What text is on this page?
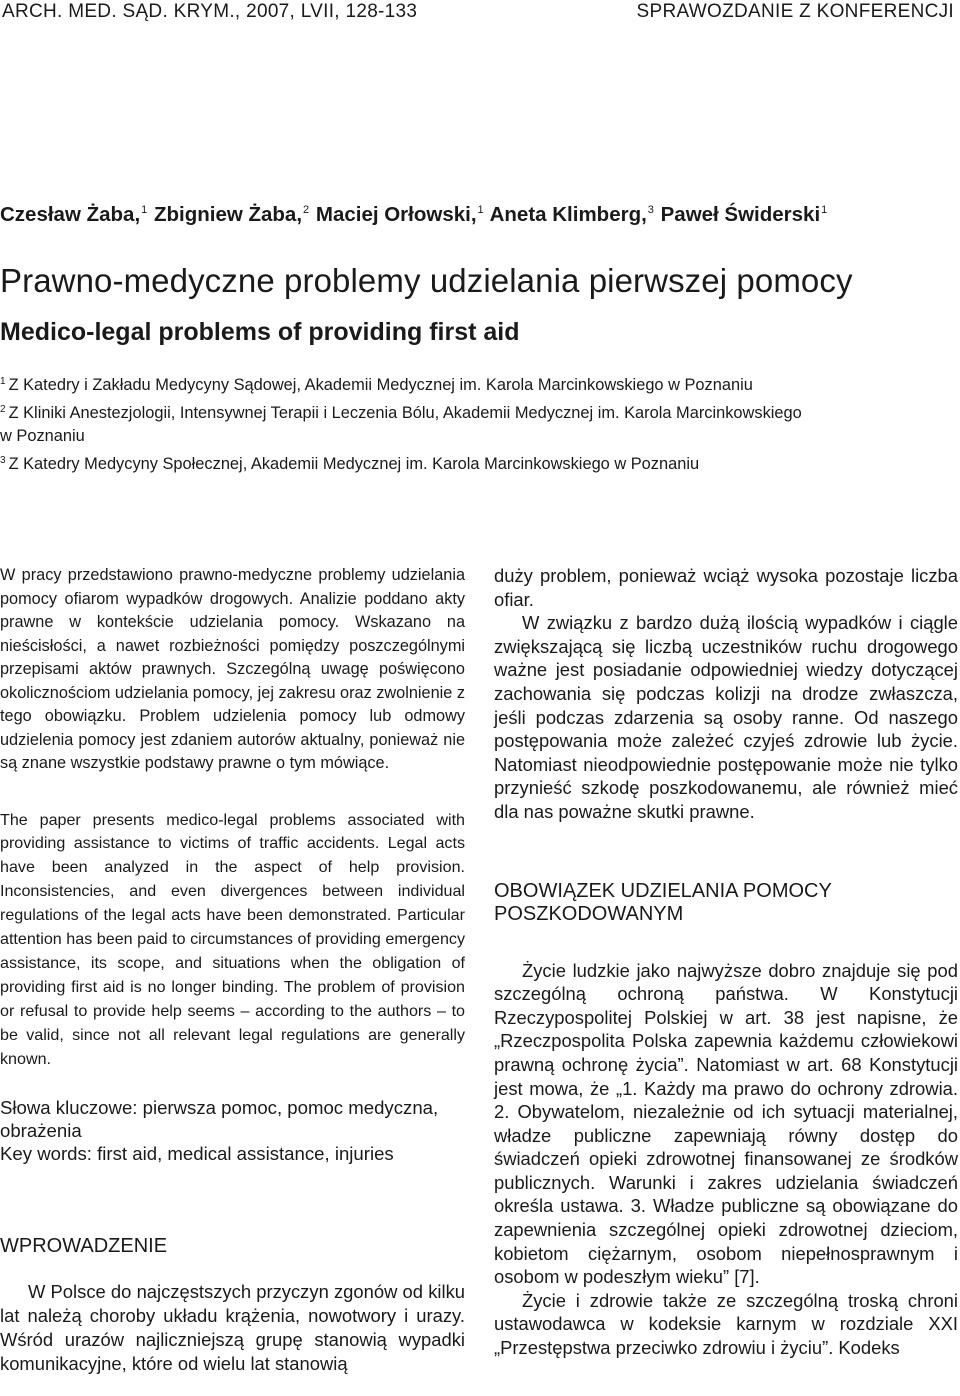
ARCH. MED. SĄD. KRYM., 2007, LVII, 128-133	SPRAWOZDANIE Z KONFERENCJI
Czesław Żaba,$^1$ Zbigniew Żaba,$^2$ Maciej Orłowski,$^1$ Aneta Klimberg,$^3$ Paweł Świderski$^1$
Prawno-medyczne problemy udzielania pierwszej pomocy
Medico-legal problems of providing first aid
$^1$ Z Katedry i Zakładu Medycyny Sądowej, Akademii Medycznej im. Karola Marcinkowskiego w Poznaniu
$^2$ Z Kliniki Anestezjologii, Intensywnej Terapii i Leczenia Bólu, Akademii Medycznej im. Karola Marcinkowskiego
w Poznaniu
$^3$ Z Katedry Medycyny Społecznej, Akademii Medycznej im. Karola Marcinkowskiego w Poznaniu

W pracy przedstawiono prawno-medyczne problemy udzielania pomocy ofiarom wypadków drogowych. Analizie poddano akty prawne w kontekście udzielania pomocy. Wskazano na nieścisłości, a nawet rozbieżności pomiędzy poszczególnymi przepisami aktów prawnych. Szczególną uwagę poświęcono okolicznościom udzielania pomocy, jej zakresu oraz zwolnienie z tego obowiązku. Problem udzielenia pomocy lub odmowy udzielenia pomocy jest zdaniem autorów aktualny, ponieważ nie są znane wszystkie podstawy prawne o tym mówiące.

The paper presents medico-legal problems associated with providing assistance to victims of traffic accidents. Legal acts have been analyzed in the aspect of help provision. Inconsistencies, and even divergences between individual regulations of the legal acts have been demonstrated. Particular attention has been paid to circumstances of providing emergency assistance, its scope, and situations when the obligation of providing first aid is no longer binding. The problem of provision or refusal to provide help seems – according to the authors – to be valid, since not all relevant legal regulations are generally known.

Słowa kluczowe: pierwsza pomoc, pomoc medyczna, obrażenia

Key words: first aid, medical assistance, injuries

WPROWADZENIE

W Polsce do najczęstszych przyczyn zgonów od kilku lat należą choroby układu krążenia, nowotwory i urazy. Wśród urazów najliczniejszą grupę stanowią wypadki komunikacyjne, które od wielu lat stanowią

duży problem, ponieważ wciąż wysoka pozostaje liczba ofiar.

W związku z bardzo dużą ilością wypadków i ciągle zwiększającą się liczbą uczestników ruchu drogowego ważne jest posiadanie odpowiedniej wiedzy dotyczącej zachowania się podczas kolizji na drodze zwłaszcza, jeśli podczas zdarzenia są osoby ranne. Od naszego postępowania może zależeć czyjeś zdrowie lub życie. Natomiast nieodpowiednie postępowanie może nie tylko przynieść szkodę poszkodowanemu, ale również mieć dla nas poważne skutki prawne.

OBOWIĄZEK UDZIELANIA POMOCY POSZKODOWANYM

Życie ludzkie jako najwyższe dobro znajduje się pod szczególną ochroną państwa. W Konstytucji Rzeczypospolitej Polskiej w art. 38 jest napisne, że „Rzeczpospolita Polska zapewnia każdemu człowiekowi prawną ochronę życia”. Natomiast w art. 68 Konstytucji jest mowa, że „1. Każdy ma prawo do ochrony zdrowia. 2. Obywatelom, niezależnie od ich sytuacji materialnej, władze publiczne zapewniają równy dostęp do świadczeń opieki zdrowotnej finansowanej ze środków publicznych. Warunki i zakres udzielania świadczeń określa ustawa. 3. Władze publiczne są obowiązane do zapewnienia szczególnej opieki zdrowotnej dzieciom, kobietom ciężarnym, osobom niepełnosprawnym i osobom w podeszłym wieku” [7].

Życie i zdrowie także ze szczególną troską chroni ustawodawca w kodeksie karnym w rozdziale XXI „Przestępstwa przeciwko zdrowiu i życiu”. Kodeks
